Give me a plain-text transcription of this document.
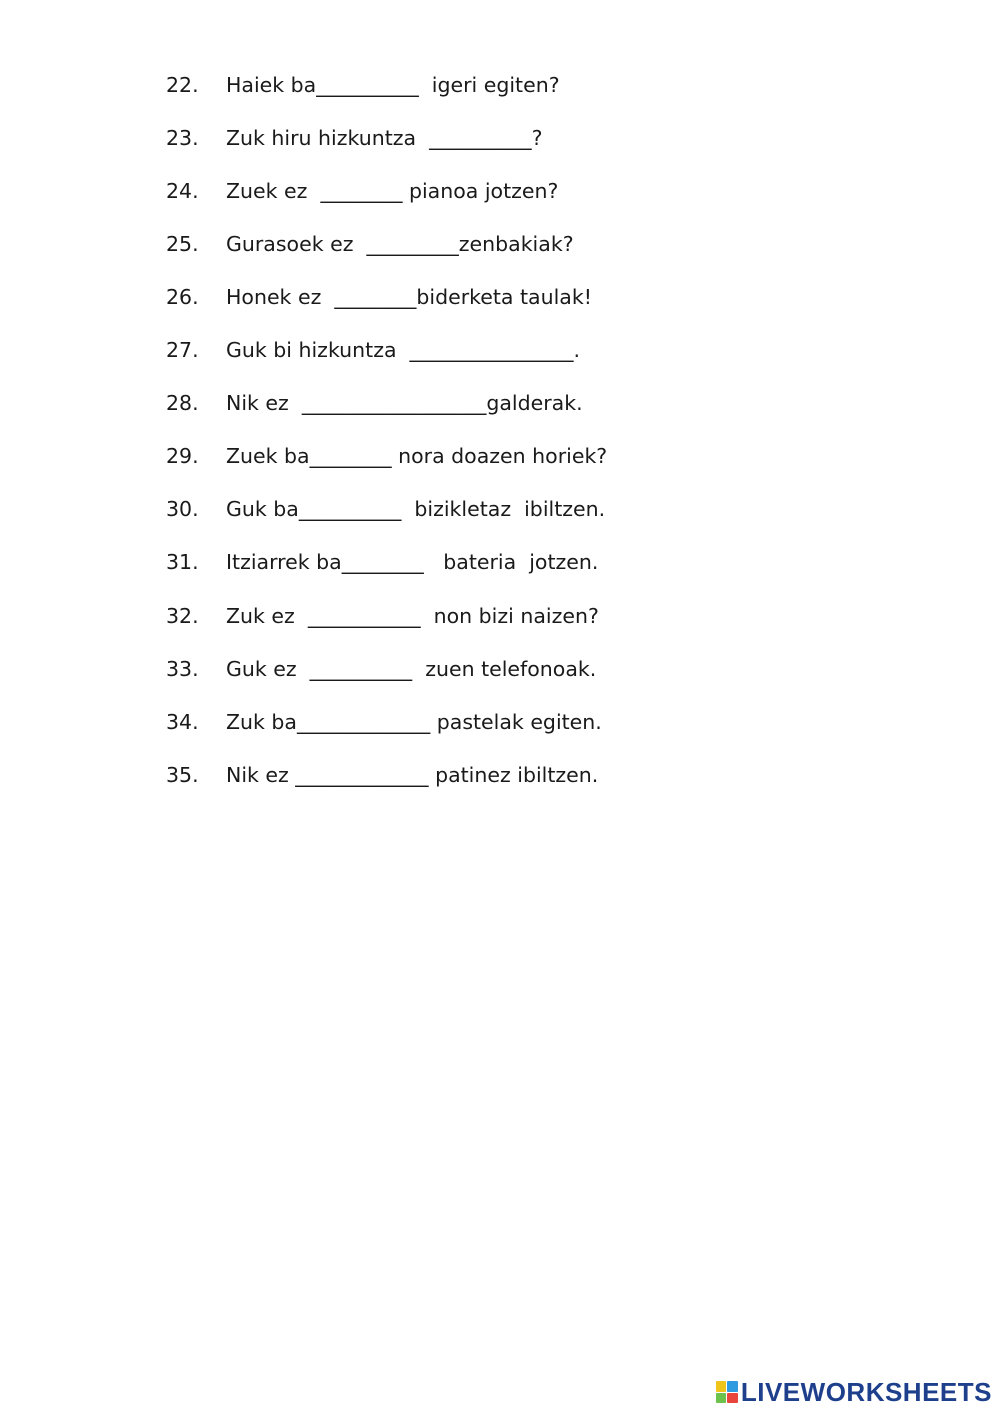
22.	Haiek ba__________  igeri egiten?
23.	Zuk hiru hizkuntza  __________?
24.	Zuek ez  ________ pianoa jotzen?
25.	Gurasoek ez  _________zenbakiak?
26.	Honek ez  ________biderketa taulak!
27.	Guk bi hizkuntza  ________________.
28.	Nik ez  __________________galderak.
29.	Zuek ba________ nora doazen horiek?
30.	Guk ba__________  bizikletaz  ibiltzen.
31.	Itziarrek ba________   bateria  jotzen.
32.	Zuk ez  ___________  non bizi naizen?
33.	Guk ez  __________  zuen telefonoak.
34.	Zuk ba_____________ pastelak egiten.
35.	Nik ez _____________ patinez ibiltzen.
LIVEWORKSHEETS
